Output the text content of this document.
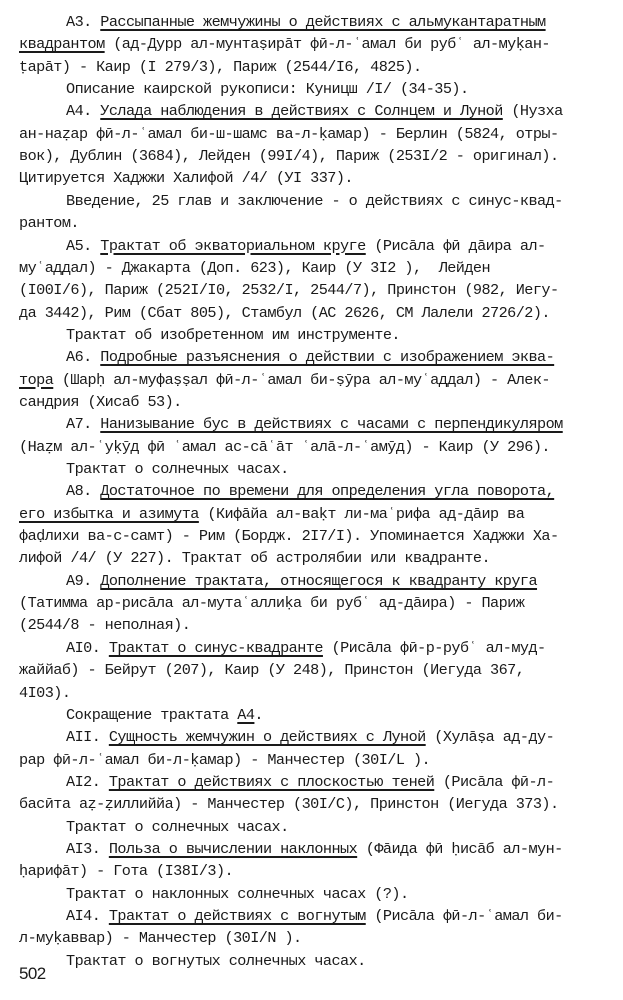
А3. Рассыпанные жемчужины о действиях с альмукантаратным
квадрантом (ад-Дурр ал-мунтаṣирāт фӣ-л-ʿамал би рубʿ ал-муḳан-
ṭарāт) - Каир (I 279/3), Париж (2544/I6, 4825).
Описание каирской рукописи: Куницш /I/ (34-35).
А4. Услада наблюдения в действиях с Солнцем и Луной (Нузха
ан-наẓар фӣ-л-ʿамал би-ш-шамс ва-л-ḳамар) - Берлин (5824, отры-
вок), Дублин (3684), Лейден (99I/4), Париж (253I/2 - оригинал).
Цитируется Хаджжи Халифой /4/ (УI 337).
Введение, 25 глав и заключение - о действиях с синус-квад-
рантом.
А5. Трактат об экваториальном круге (Рисāла фӣ дāира ал-
муʿаддал) - Джакарта (Доп. 623), Каир (У 3I2 ),  Лейден
(I00I/6), Париж (252I/I0, 2532/I, 2544/7), Принстон (982, Иегу-
да 3442), Рим (Сбат 805), Стамбул (АС 2626, СМ Лалели 2726/2).
Трактат об изобретенном им инструменте.
А6. Подробные разъяснения о действии с изображением эква-
тора (Шарḥ ал-муфаṣṣал фӣ-л-ʿамал би-ṣӯра ал-муʿаддал) - Алек-
сандрия (Хисаб 53).
А7. Нанизывание бус в действиях с часами с перпендикуляром
(Наẓм ал-ʿуḳӯд фӣ ʿамал ас-сāʿāт ʿалā-л-ʿамӯд) - Каир (У 296).
Трактат о солнечных часах.
А8. Достаточное по времени для определения угла поворота,
его избытка и азимута (Кифāйа ал-ваḳт ли-маʿрифа ад-дāир ва
фаḍлихи ва-с-самт) - Рим (Бордж. 2I7/I). Упоминается Хаджжи Ха-
лифой /4/ (У 227). Трактат об астролябии или квадранте.
А9. Дополнение трактата, относящегося к квадранту круга
(Татимма ар-рисāла ал-мутаʿаллиḳа би рубʿ ад-дāира) - Париж
(2544/8 - неполная).
АI0. Трактат о синус-квадранте (Рисāла фӣ-р-рубʿ ал-муд-
жаййаб) - Бейрут (207), Каир (У 248), Принстон (Иегуда 367,
4I03).
Сокращение трактата А4.
АII. Сущность жемчужин о действиях с Луной (Хулāṣа ад-ду-
рар фӣ-л-ʿамал би-л-ḳамар) - Манчестер (30I/L ).
АI2. Трактат о действиях с плоскостью теней (Рисāла фӣ-л-
басӣта аẓ-ẓиллиййа) - Манчестер (30I/С), Принстон (Иегуда 373).
Трактат о солнечных часах.
АI3. Польза о вычислении наклонных (Фāида фӣ ḥисāб ал-мун-
ḥарифāт) - Гота (I38I/3).
Трактат о наклонных солнечных часах (?).
АI4. Трактат о действиях с вогнутым (Рисāла фӣ-л-ʿамал би-
л-муḳаввар) - Манчестер (30I/N ).
Трактат о вогнутых солнечных часах.
502
